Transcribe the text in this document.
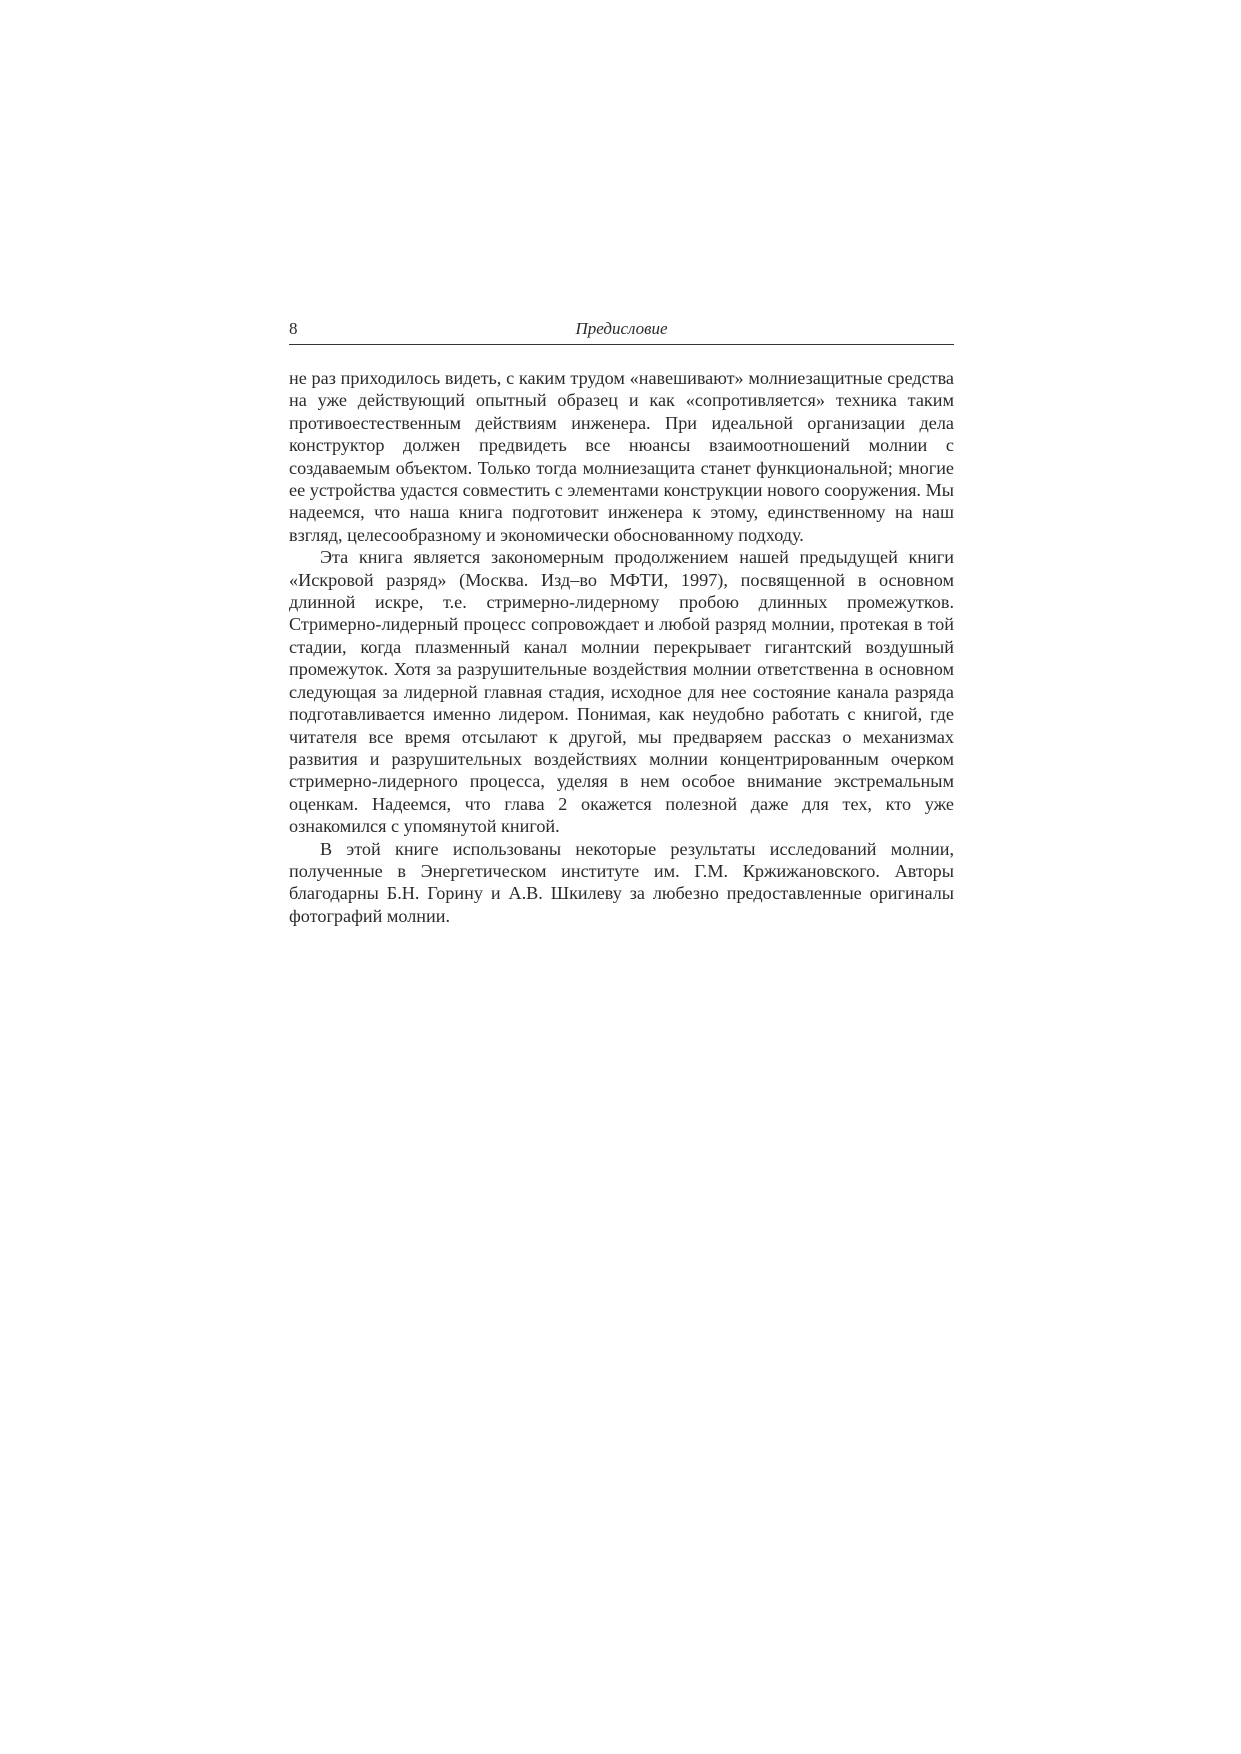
8	Предисловие

не раз приходилось видеть, с каким трудом «навешивают» молниезащитные средства на уже действующий опытный образец и как «сопротивляется» техника таким противоестественным действиям инженера. При идеальной организации дела конструктор должен предвидеть все нюансы взаимоотношений молнии с создаваемым объектом. Только тогда молниезащита станет функциональной; многие ее устройства удастся совместить с элементами конструкции нового сооружения. Мы надеемся, что наша книга подготовит инженера к этому, единственному на наш взгляд, целесообразному и экономически обоснованному подходу.

Эта книга является закономерным продолжением нашей предыдущей книги «Искровой разряд» (Москва. Изд–во МФТИ, 1997), посвященной в основном длинной искре, т.е. стримерно-лидерному пробою длинных промежутков. Стримерно-лидерный процесс сопровождает и любой разряд молнии, протекая в той стадии, когда плазменный канал молнии перекрывает гигантский воздушный промежуток. Хотя за разрушительные воздействия молнии ответственна в основном следующая за лидерной главная стадия, исходное для нее состояние канала разряда подготавливается именно лидером. Понимая, как неудобно работать с книгой, где читателя все время отсылают к другой, мы предваряем рассказ о механизмах развития и разрушительных воздействиях молнии концентрированным очерком стримерно-лидерного процесса, уделяя в нем особое внимание экстремальным оценкам. Надеемся, что глава 2 окажется полезной даже для тех, кто уже ознакомился с упомянутой книгой.

В этой книге использованы некоторые результаты исследований молнии, полученные в Энергетическом институте им. Г.М. Кржижановского. Авторы благодарны Б.Н. Горину и А.В. Шкилеву за любезно предоставленные оригиналы фотографий молнии.
